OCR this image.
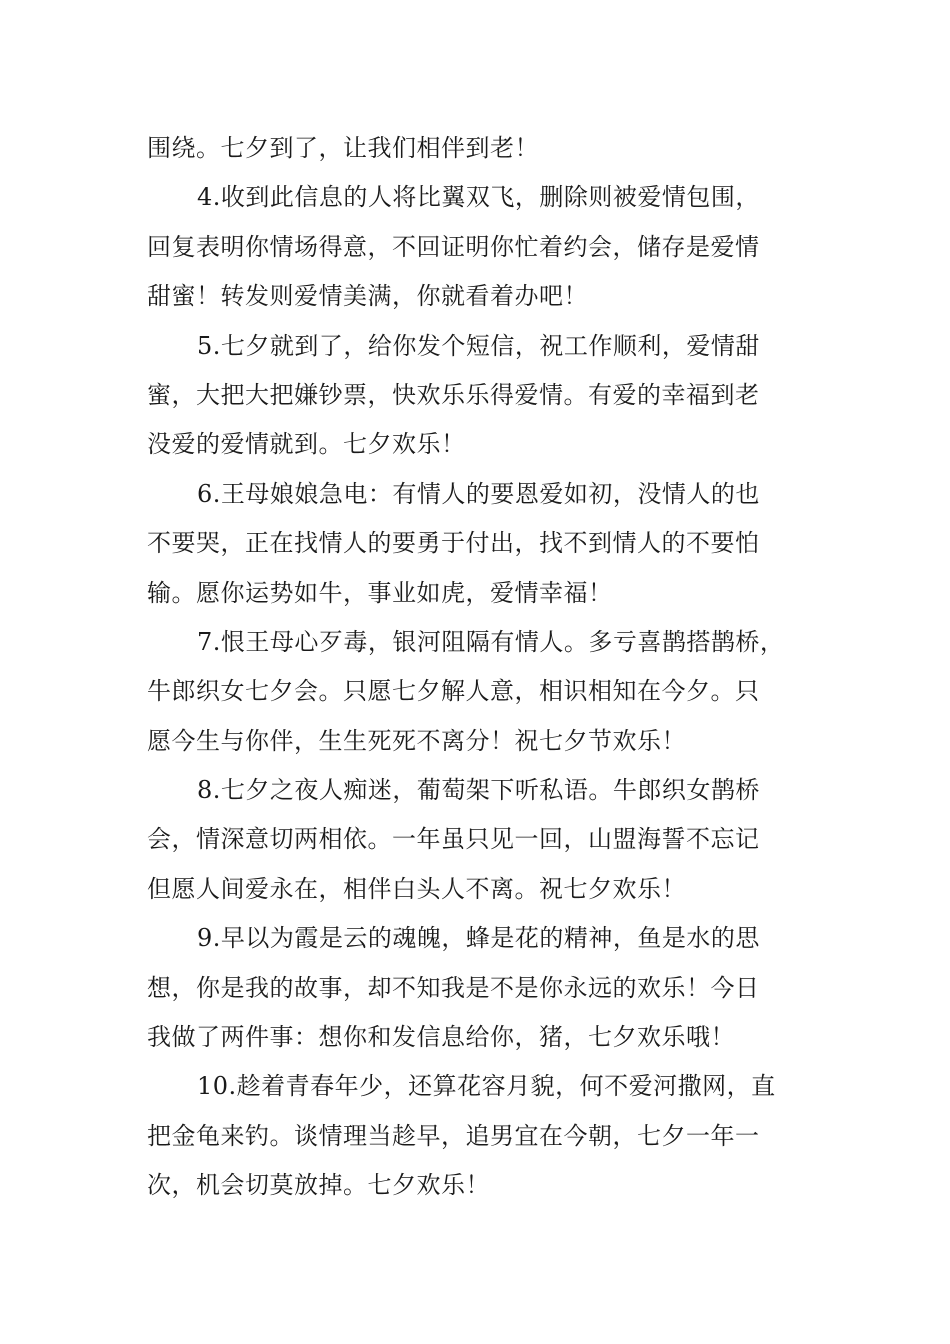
围绕。七夕到了，让我们相伴到老！
4.收到此信息的人将比翼双飞，删除则被爱情包围，
回复表明你情场得意，不回证明你忙着约会，储存是爱情
甜蜜！转发则爱情美满，你就看着办吧！
5.七夕就到了，给你发个短信，祝工作顺利，爱情甜
蜜，大把大把嫌钞票，快欢乐乐得爱情。有爱的幸福到老
没爱的爱情就到。七夕欢乐！
6.王母娘娘急电：有情人的要恩爱如初，没情人的也
不要哭，正在找情人的要勇于付出，找不到情人的不要怕
输。愿你运势如牛，事业如虎，爱情幸福！
7.恨王母心歹毒，银河阻隔有情人。多亏喜鹊搭鹊桥，
牛郎织女七夕会。只愿七夕解人意，相识相知在今夕。只
愿今生与你伴，生生死死不离分！祝七夕节欢乐！
8.七夕之夜人痴迷，葡萄架下听私语。牛郎织女鹊桥
会，情深意切两相依。一年虽只见一回，山盟海誓不忘记
但愿人间爱永在，相伴白头人不离。祝七夕欢乐！
9.早以为霞是云的魂魄，蜂是花的精神，鱼是水的思
想，你是我的故事，却不知我是不是你永远的欢乐！今日
我做了两件事：想你和发信息给你，猪，七夕欢乐哦！
10.趁着青春年少，还算花容月貌，何不爱河撒网，直
把金龟来钓。谈情理当趁早，追男宜在今朝，七夕一年一
次，机会切莫放掉。七夕欢乐！
